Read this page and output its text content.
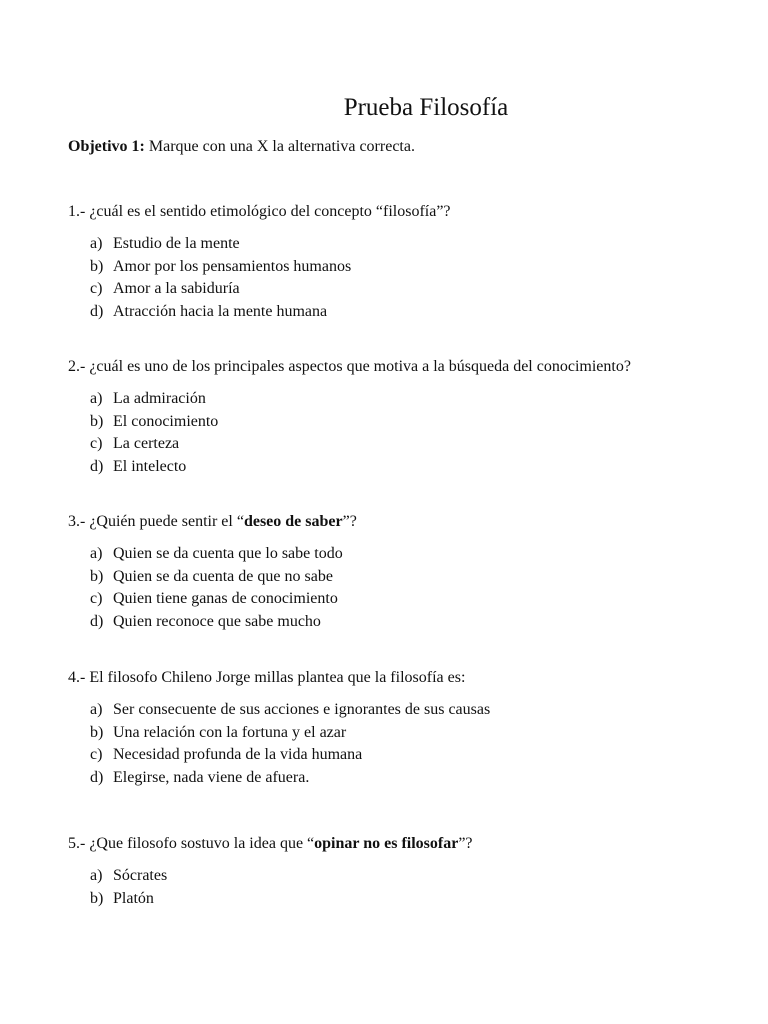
Prueba Filosofía
Objetivo 1: Marque con una X la alternativa correcta.
1.- ¿cuál es el sentido etimológico del concepto “filosofía”?
a) Estudio de la mente
b) Amor por los pensamientos humanos
c) Amor a la sabiduría
d) Atracción hacia la mente humana
2.- ¿cuál es uno de los principales aspectos que motiva a la búsqueda del conocimiento?
a) La admiración
b) El conocimiento
c) La certeza
d) El intelecto
3.- ¿Quién puede sentir el “deseo de saber”?
a) Quien se da cuenta que lo sabe todo
b) Quien se da cuenta de que no sabe
c) Quien tiene ganas de conocimiento
d) Quien reconoce que sabe mucho
4.- El filosofo Chileno Jorge millas plantea que la filosofía es:
a) Ser consecuente de sus acciones e ignorantes de sus causas
b) Una relación con la fortuna y el azar
c) Necesidad profunda de la vida humana
d) Elegirse, nada viene de afuera.
5.- ¿Que filosofo sostuvo la idea que “opinar no es filosofar”?
a) Sócrates
b) Platón
